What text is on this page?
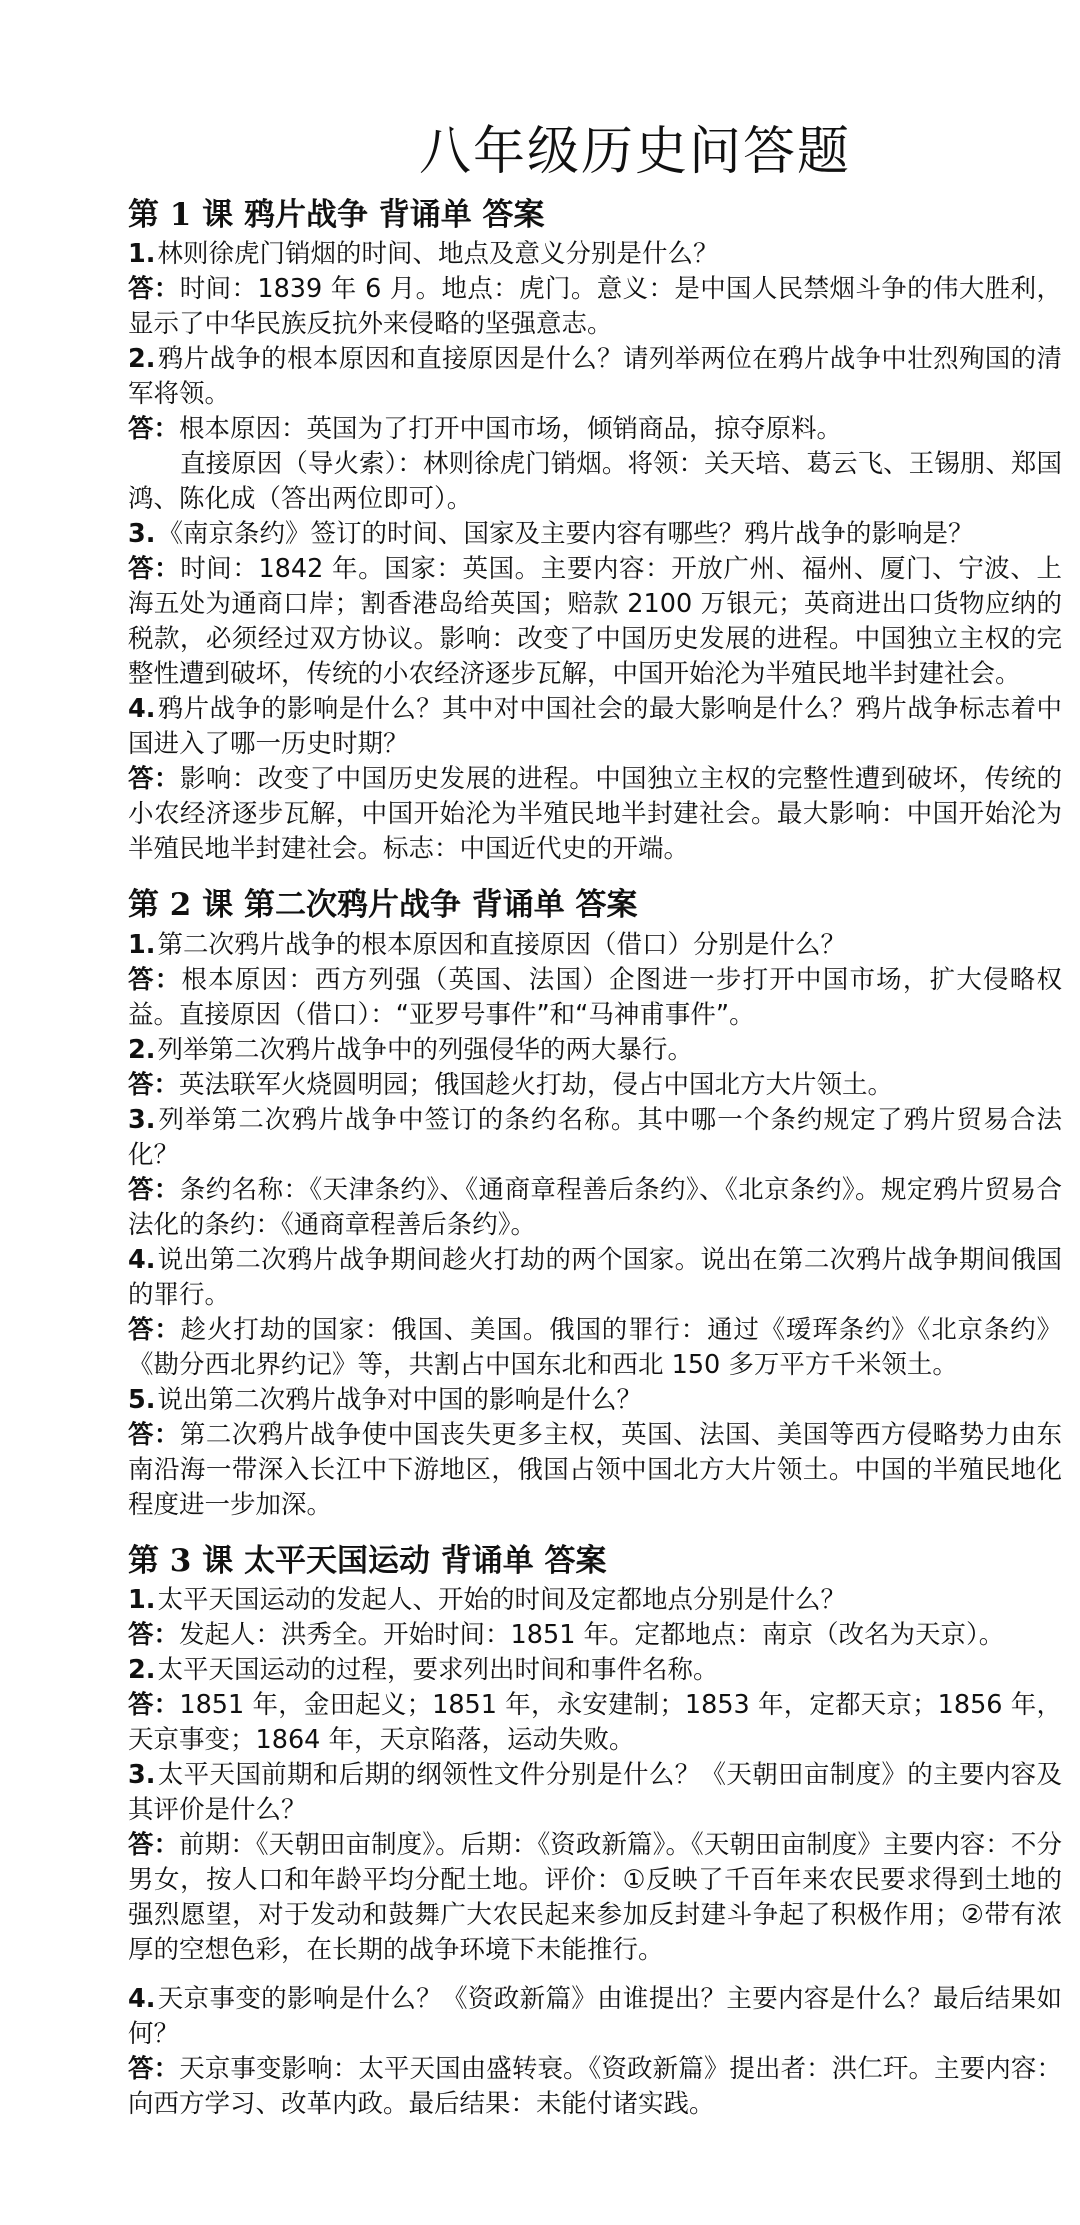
八年级历史问答题
第 1 课 鸦片战争 背诵单 答案

1.林则徐虎门销烟的时间、地点及意义分别是什么？

答：时间：1839 年 6 月。地点：虎门。意义：是中国人民禁烟斗争的伟大胜利，显示了中华民族反抗外来侵略的坚强意志。

2.鸦片战争的根本原因和直接原因是什么？请列举两位在鸦片战争中壮烈殉国的清军将领。

答：根本原因：英国为了打开中国市场，倾销商品，掠夺原料。

直接原因（导火索）：林则徐虎门销烟。将领：关天培、葛云飞、王锡朋、郑国鸿、陈化成（答出两位即可）。

3.《南京条约》签订的时间、国家及主要内容有哪些？鸦片战争的影响是？

答：时间：1842 年。国家：英国。主要内容：开放广州、福州、厦门、宁波、上海五处为通商口岸；割香港岛给英国；赔款 2100 万银元；英商进出口货物应纳的税款，必须经过双方协议。影响：改变了中国历史发展的进程。中国独立主权的完整性遭到破坏，传统的小农经济逐步瓦解，中国开始沦为半殖民地半封建社会。

4.鸦片战争的影响是什么？其中对中国社会的最大影响是什么？鸦片战争标志着中国进入了哪一历史时期？

答：影响：改变了中国历史发展的进程。中国独立主权的完整性遭到破坏，传统的小农经济逐步瓦解，中国开始沦为半殖民地半封建社会。最大影响：中国开始沦为半殖民地半封建社会。标志：中国近代史的开端。

第 2 课 第二次鸦片战争 背诵单 答案

1.第二次鸦片战争的根本原因和直接原因（借口）分别是什么？

答：根本原因：西方列强（英国、法国）企图进一步打开中国市场，扩大侵略权益。直接原因（借口）：“亚罗号事件”和“马神甫事件”。

2.列举第二次鸦片战争中的列强侵华的两大暴行。

答：英法联军火烧圆明园；俄国趁火打劫，侵占中国北方大片领土。

3.列举第二次鸦片战争中签订的条约名称。其中哪一个条约规定了鸦片贸易合法化？

答：条约名称：《天津条约》、《通商章程善后条约》、《北京条约》。规定鸦片贸易合法化的条约：《通商章程善后条约》。

4.说出第二次鸦片战争期间趁火打劫的两个国家。说出在第二次鸦片战争期间俄国的罪行。

答：趁火打劫的国家：俄国、美国。俄国的罪行：通过《瑷珲条约》《北京条约》《勘分西北界约记》等，共割占中国东北和西北 150 多万平方千米领土。

5.说出第二次鸦片战争对中国的影响是什么？

答：第二次鸦片战争使中国丧失更多主权，英国、法国、美国等西方侵略势力由东南沿海一带深入长江中下游地区，俄国占领中国北方大片领土。中国的半殖民地化程度进一步加深。

第 3 课 太平天国运动 背诵单 答案

1.太平天国运动的发起人、开始的时间及定都地点分别是什么？

答：发起人：洪秀全。开始时间：1851 年。定都地点：南京（改名为天京）。

2.太平天国运动的过程，要求列出时间和事件名称。

答：1851 年，金田起义；1851 年，永安建制；1853 年，定都天京；1856 年，天京事变；1864 年，天京陷落，运动失败。

3.太平天国前期和后期的纲领性文件分别是什么？《天朝田亩制度》的主要内容及其评价是什么？

答：前期：《天朝田亩制度》。后期：《资政新篇》。《天朝田亩制度》主要内容：不分男女，按人口和年龄平均分配土地。评价：①反映了千百年来农民要求得到土地的强烈愿望，对于发动和鼓舞广大农民起来参加反封建斗争起了积极作用；②带有浓厚的空想色彩，在长期的战争环境下未能推行。

4.天京事变的影响是什么？《资政新篇》由谁提出？主要内容是什么？最后结果如何？

答：天京事变影响：太平天国由盛转衰。《资政新篇》提出者：洪仁玕。主要内容：向西方学习、改革内政。最后结果：未能付诸实践。
